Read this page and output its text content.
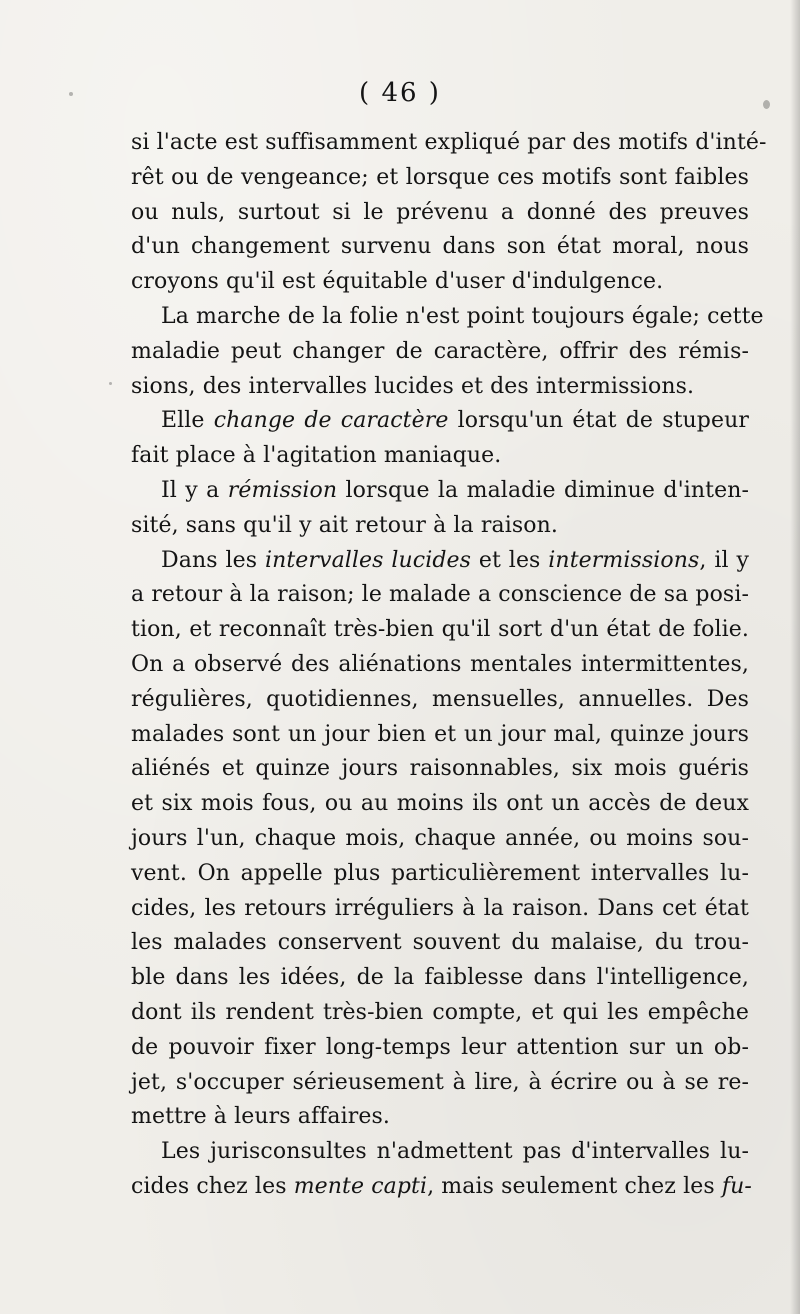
( 46 )
si l'acte est suffisamment expliqué par des motifs d'inté-
rêt ou de vengeance; et lorsque ces motifs sont faibles
ou nuls, surtout si le prévenu a donné des preuves
d'un changement survenu dans son état moral, nous
croyons qu'il est équitable d'user d'indulgence.
La marche de la folie n'est point toujours égale; cette
maladie peut changer de caractère, offrir des rémis-
sions, des intervalles lucides et des intermissions.
Elle change de caractère lorsqu'un état de stupeur
fait place à l'agitation maniaque.
Il y a rémission lorsque la maladie diminue d'inten-
sité, sans qu'il y ait retour à la raison.
Dans les intervalles lucides et les intermissions, il y
a retour à la raison; le malade a conscience de sa posi-
tion, et reconnaît très-bien qu'il sort d'un état de folie.
On a observé des aliénations mentales intermittentes,
régulières, quotidiennes, mensuelles, annuelles. Des
malades sont un jour bien et un jour mal, quinze jours
aliénés et quinze jours raisonnables, six mois guéris
et six mois fous, ou au moins ils ont un accès de deux
jours l'un, chaque mois, chaque année, ou moins sou-
vent. On appelle plus particulièrement intervalles lu-
cides, les retours irréguliers à la raison. Dans cet état
les malades conservent souvent du malaise, du trou-
ble dans les idées, de la faiblesse dans l'intelligence,
dont ils rendent très-bien compte, et qui les empêche
de pouvoir fixer long-temps leur attention sur un ob-
jet, s'occuper sérieusement à lire, à écrire ou à se re-
mettre à leurs affaires.
Les jurisconsultes n'admettent pas d'intervalles lu-
cides chez les mente capti, mais seulement chez les fu-
